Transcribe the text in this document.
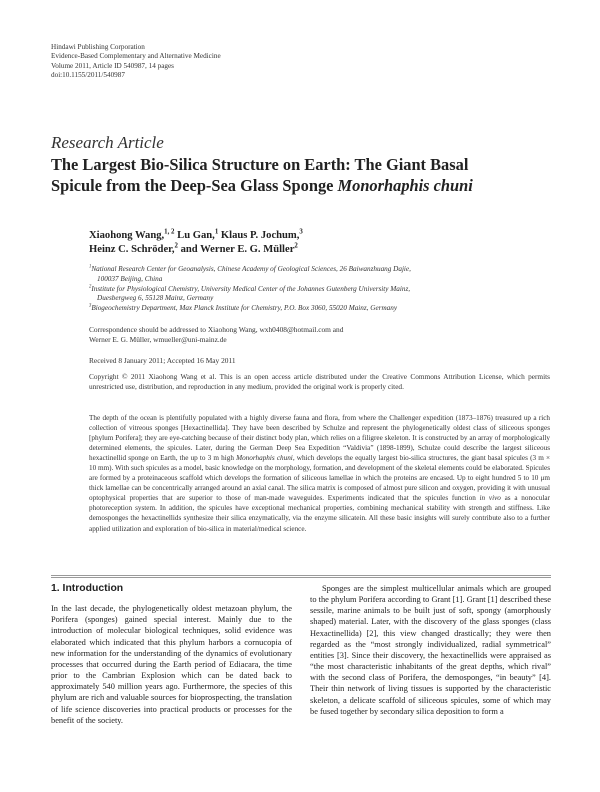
Hindawi Publishing Corporation
Evidence-Based Complementary and Alternative Medicine
Volume 2011, Article ID 540987, 14 pages
doi:10.1155/2011/540987
Research Article
The Largest Bio-Silica Structure on Earth: The Giant Basal
Spicule from the Deep-Sea Glass Sponge Monorhaphis chuni
Xiaohong Wang,$^{1, 2}$ Lu Gan,$^1$ Klaus P. Jochum,$^3$
Heinz C. Schröder,$^2$ and Werner E. G. Müller$^2$
$^1$National Research Center for Geoanalysis, Chinese Academy of Geological Sciences, 26 Baiwanzhuang Dajie,
100037 Beijing, China
$^2$Institute for Physiological Chemistry, University Medical Center of the Johannes Gutenberg University Mainz,
Duesbergweg 6, 55128 Mainz, Germany
$^3$Biogeochemistry Department, Max Planck Institute for Chemistry, P.O. Box 3060, 55020 Mainz, Germany
Correspondence should be addressed to Xiaohong Wang, wxh0408@hotmail.com and
Werner E. G. Müller, wmueller@uni-mainz.de
Received 8 January 2011; Accepted 16 May 2011
Copyright © 2011 Xiaohong Wang et al. This is an open access article distributed under the Creative Commons Attribution License, which permits unrestricted use, distribution, and reproduction in any medium, provided the original work is properly cited.
The depth of the ocean is plentifully populated with a highly diverse fauna and flora, from where the Challenger expedition (1873–1876) treasured up a rich collection of vitreous sponges [Hexactinellida]. They have been described by Schulze and represent the phylogenetically oldest class of siliceous sponges [phylum Porifera]; they are eye-catching because of their distinct body plan, which relies on a filigree skeleton. It is constructed by an array of morphologically determined elements, the spicules. Later, during the German Deep Sea Expedition “Valdivia” (1898-1899), Schulze could describe the largest siliceous hexactinellid sponge on Earth, the up to 3 m high Monorhaphis chuni, which develops the equally largest bio-silica structures, the giant basal spicules (3 m × 10 mm). With such spicules as a model, basic knowledge on the morphology, formation, and development of the skeletal elements could be elaborated. Spicules are formed by a proteinaceous scaffold which develops the formation of siliceous lamellae in which the proteins are encased. Up to eight hundred 5 to 10 μm thick lamellae can be concentrically arranged around an axial canal. The silica matrix is composed of almost pure silicon and oxygen, providing it with unusual optophysical properties that are superior to those of man-made waveguides. Experiments indicated that the spicules function in vivo as a nonocular photoreception system. In addition, the spicules have exceptional mechanical properties, combining mechanical stability with strength and stiffness. Like demosponges the hexactinellids synthesize their silica enzymatically, via the enzyme silicatein. All these basic insights will surely contribute also to a further applied utilization and exploration of bio-silica in material/medical science.
1. Introduction

In the last decade, the phylogenetically oldest metazoan phylum, the Porifera (sponges) gained special interest. Mainly due to the introduction of molecular biological techniques, solid evidence was elaborated which indicated that this phylum harbors a cornucopia of new information for the understanding of the dynamics of evolutionary processes that occurred during the Earth period of Ediacara, the time prior to the Cambrian Explosion which can be dated back to approximately 540 million years ago. Furthermore, the species of this phylum are rich and valuable sources for bioprospecting, the translation of life science discoveries into practical products or processes for the benefit of the society.

Sponges are the simplest multicellular animals which are grouped to the phylum Porifera according to Grant [1]. Grant [1] described these sessile, marine animals to be built just of soft, spongy (amorphously shaped) material. Later, with the discovery of the glass sponges (class Hexactinellida) [2], this view changed drastically; they were then regarded as the “most strongly individualized, radial symmetrical” entities [3]. Since their discovery, the hexactinellids were appraised as “the most characteristic inhabitants of the great depths, which rival” with the second class of Porifera, the demosponges, “in beauty” [4]. Their thin network of living tissues is supported by the characteristic skeleton, a delicate scaffold of siliceous spicules, some of which may be fused together by secondary silica deposition to form a
